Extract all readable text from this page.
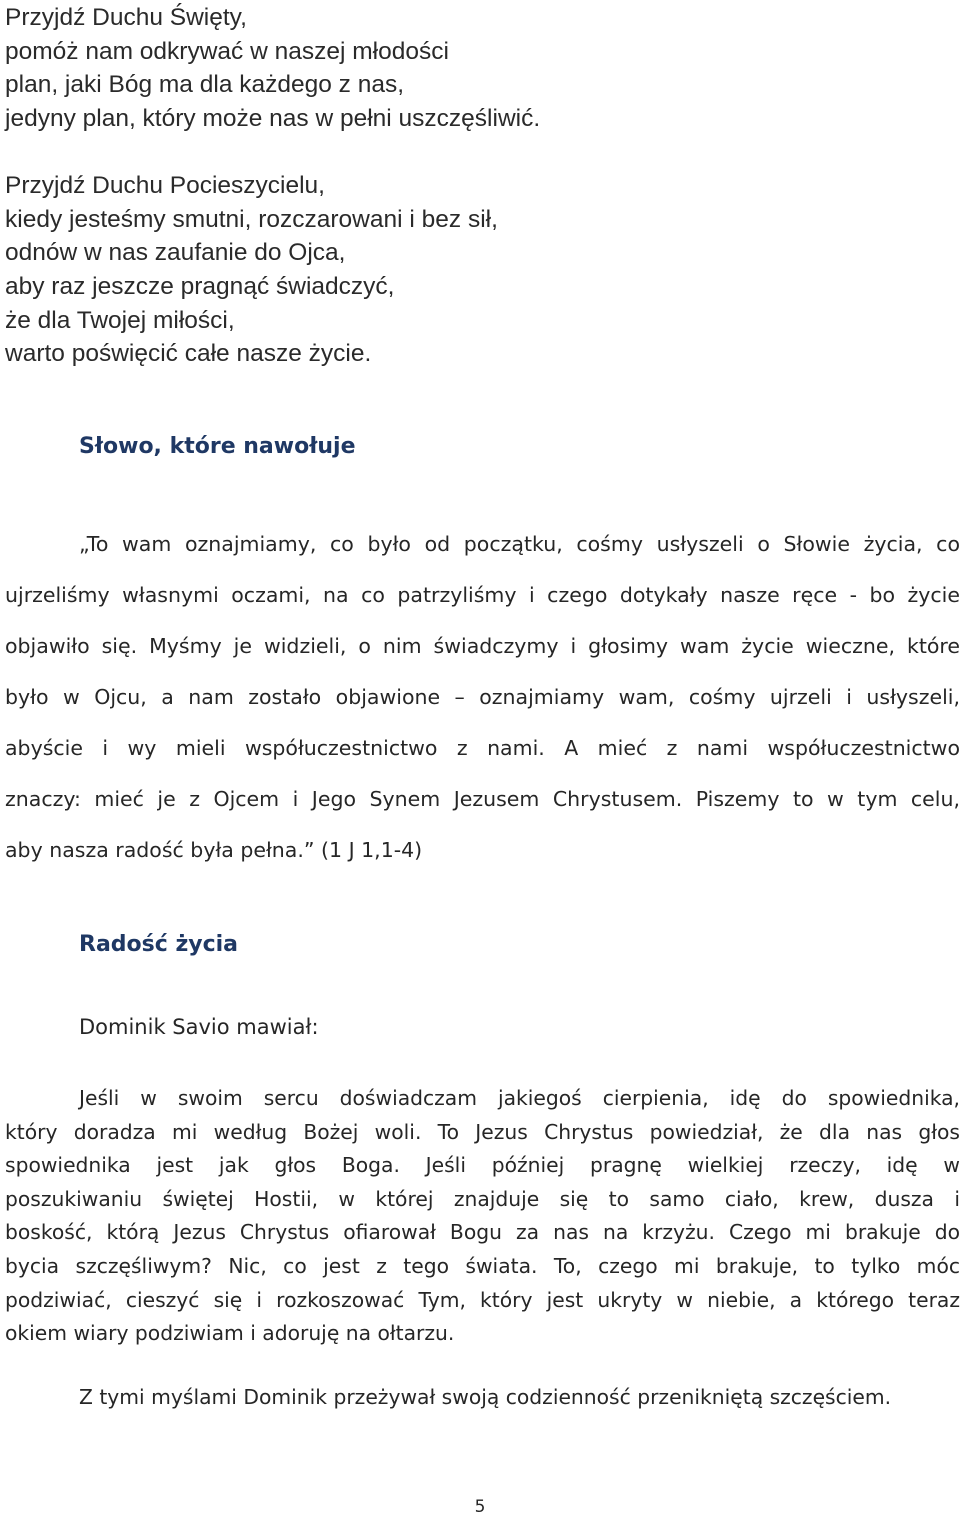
Przyjdź Duchu Święty,
pomóż nam odkrywać w naszej młodości
plan, jaki Bóg ma dla każdego z nas,
jedyny plan, który może nas w pełni uszczęśliwić.
Przyjdź Duchu Pocieszycielu,
kiedy jesteśmy smutni, rozczarowani i bez sił,
odnów w nas zaufanie do Ojca,
aby raz jeszcze pragnąć świadczyć,
że dla Twojej miłości,
warto poświęcić całe nasze życie.
Słowo, które nawołuje
„To wam oznajmiamy, co było od początku, cośmy usłyszeli o Słowie życia, co
ujrzeliśmy własnymi oczami, na co patrzyliśmy i czego dotykały nasze ręce - bo życie
objawiło się. Myśmy je widzieli, o nim świadczymy i głosimy wam życie wieczne, które
było w Ojcu, a nam zostało objawione – oznajmiamy wam, cośmy ujrzeli i usłyszeli,
abyście i wy mieli współuczestnictwo z nami. A mieć z nami współuczestnictwo
znaczy: mieć je z Ojcem i Jego Synem Jezusem Chrystusem. Piszemy to w tym celu,
aby nasza radość była pełna.” (1 J 1,1-4)
Radość życia
Dominik Savio mawiał:
Jeśli w swoim sercu doświadczam jakiegoś cierpienia, idę do spowiednika,
który doradza mi według Bożej woli. To Jezus Chrystus powiedział, że dla nas głos
spowiednika jest jak głos Boga. Jeśli później pragnę wielkiej rzeczy, idę w
poszukiwaniu świętej Hostii, w której znajduje się to samo ciało, krew, dusza i
boskość, którą Jezus Chrystus ofiarował Bogu za nas na krzyżu. Czego mi brakuje do
bycia szczęśliwym? Nic, co jest z tego świata. To, czego mi brakuje, to tylko móc
podziwiać, cieszyć się i rozkoszować Tym, który jest ukryty w niebie, a którego teraz
okiem wiary podziwiam i adoruję na ołtarzu.
Z tymi myślami Dominik przeżywał swoją codzienność przenikniętą szczęściem.
5
